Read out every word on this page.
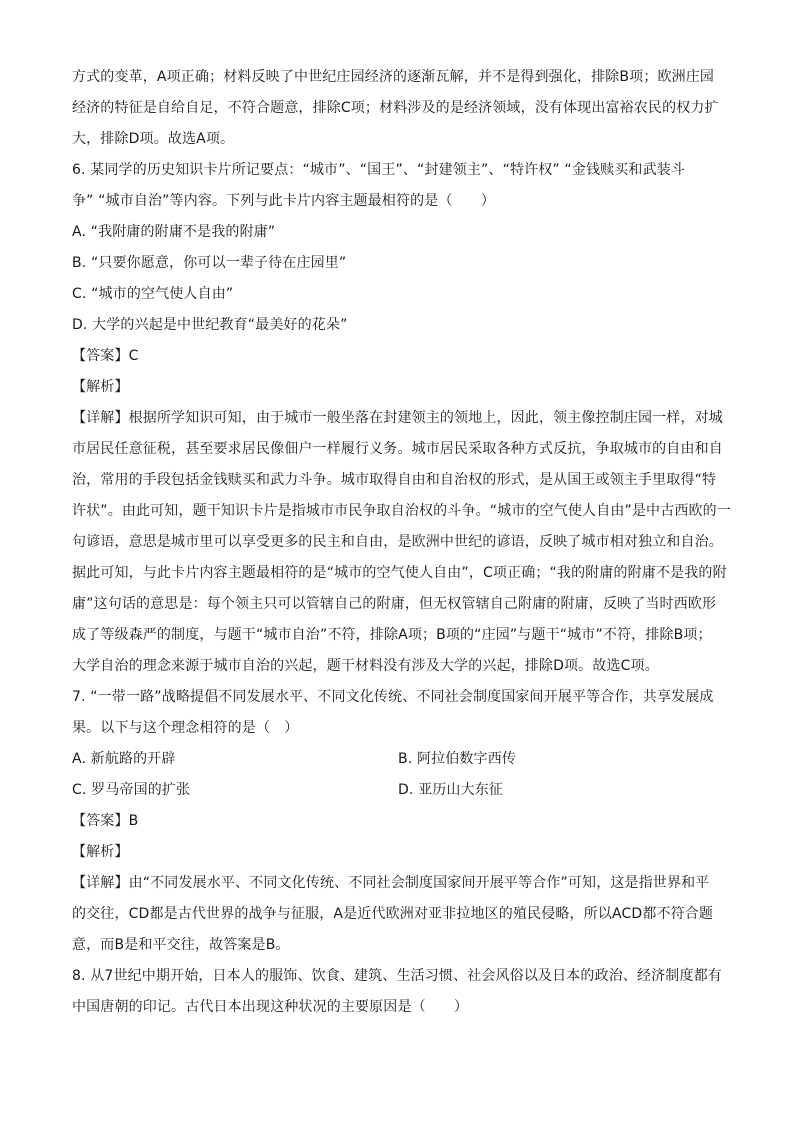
方式的变革，A项正确；材料反映了中世纪庄园经济的逐渐瓦解，并不是得到强化，排除B项；欧洲庄园
经济的特征是自给自足，不符合题意，排除C项；材料涉及的是经济领域，没有体现出富裕农民的权力扩
大，排除D项。故选A项。
6. 某同学的历史知识卡片所记要点：“城市”、“国王”、“封建领主”、“特许权” “金钱赎买和武装斗
争” “城市自治”等内容。下列与此卡片内容主题最相符的是（　　）
A. “我附庸的附庸不是我的附庸”
B. “只要你愿意，你可以一辈子待在庄园里”
C. “城市的空气使人自由”
D. 大学的兴起是中世纪教育“最美好的花朵”
【答案】C
【解析】
【详解】根据所学知识可知，由于城市一般坐落在封建领主的领地上，因此，领主像控制庄园一样，对城
市居民任意征税，甚至要求居民像佃户一样履行义务。城市居民采取各种方式反抗，争取城市的自由和自
治，常用的手段包括金钱赎买和武力斗争。城市取得自由和自治权的形式，是从国王或领主手里取得“特
许状”。由此可知，题干知识卡片是指城市市民争取自治权的斗争。“城市的空气使人自由”是中古西欧的一
句谚语，意思是城市里可以享受更多的民主和自由，是欧洲中世纪的谚语，反映了城市相对独立和自治。
据此可知，与此卡片内容主题最相符的是“城市的空气使人自由”，C项正确；“我的附庸的附庸不是我的附
庸”这句话的意思是：每个领主只可以管辖自己的附庸，但无权管辖自己附庸的附庸，反映了当时西欧形
成了等级森严的制度，与题干“城市自治”不符，排除A项；B项的“庄园”与题干“城市”不符，排除B项；
大学自治的理念来源于城市自治的兴起，题干材料没有涉及大学的兴起，排除D项。故选C项。
7. “一带一路”战略提倡不同发展水平、不同文化传统、不同社会制度国家间开展平等合作，共享发展成
果。以下与这个理念相符的是（　）
A. 新航路的开辟	B. 阿拉伯数字西传
C. 罗马帝国的扩张	D. 亚历山大东征
【答案】B
【解析】
【详解】由“不同发展水平、不同文化传统、不同社会制度国家间开展平等合作”可知，这是指世界和平
的交往，CD都是古代世界的战争与征服，A是近代欧洲对亚非拉地区的殖民侵略，所以ACD都不符合题
意，而B是和平交往，故答案是B。
8. 从7世纪中期开始，日本人的服饰、饮食、建筑、生活习惯、社会风俗以及日本的政治、经济制度都有
中国唐朝的印记。古代日本出现这种状况的主要原因是（　　）
